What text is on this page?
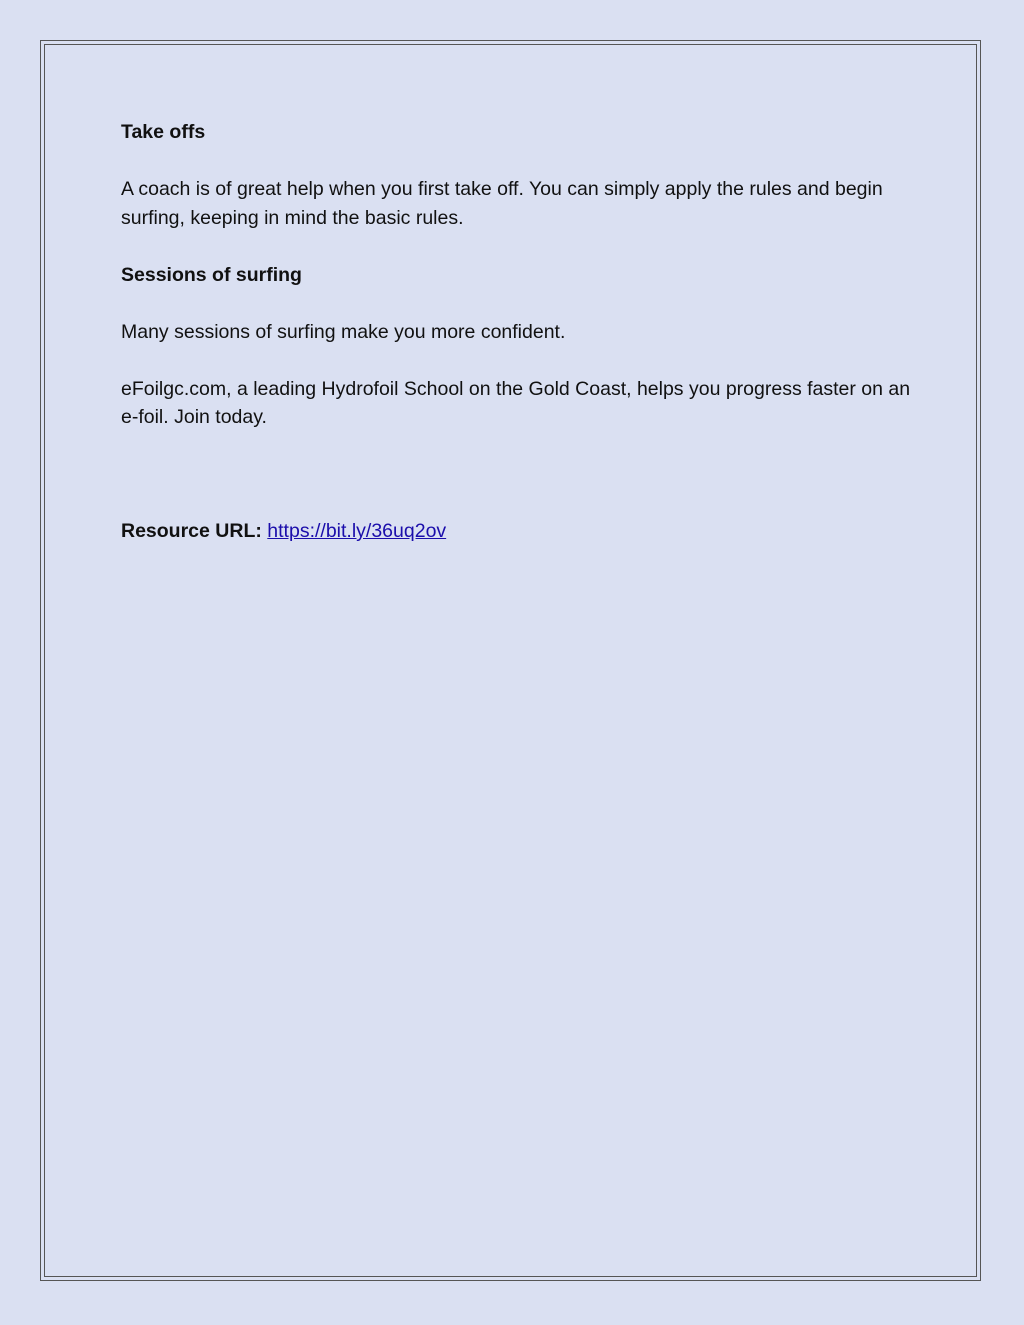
Take offs

A coach is of great help when you first take off. You can simply apply the rules and begin surfing, keeping in mind the basic rules.

Sessions of surfing

Many sessions of surfing make you more confident.

eFoilgc.com, a leading Hydrofoil School on the Gold Coast, helps you progress faster on an e-foil. Join today.

Resource URL: https://bit.ly/36uq2ov
